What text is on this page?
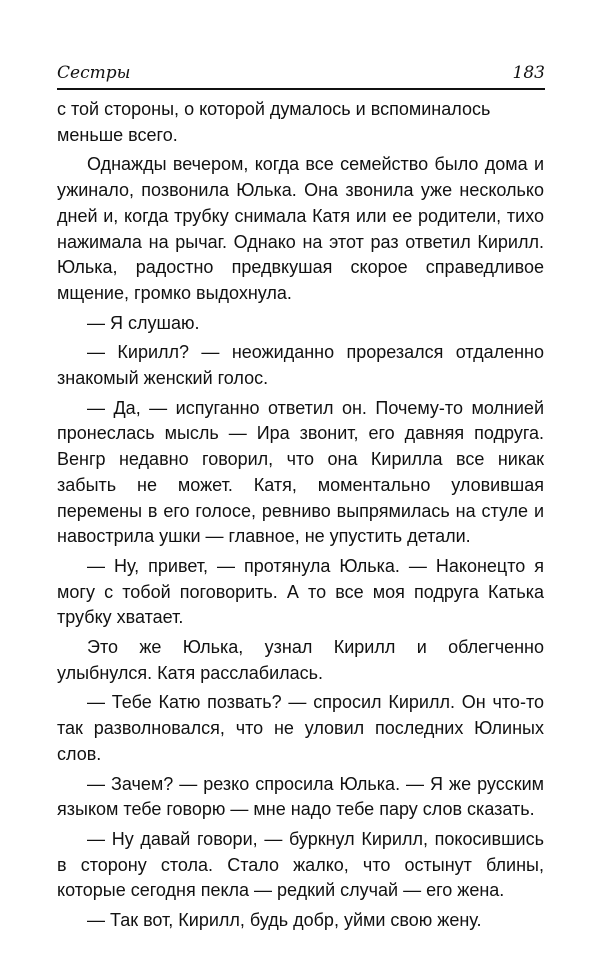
Сестры	183

с той стороны, о которой думалось и вспоминалось
меньше всего.

Однажды вечером, когда все семейство было дома и ужинало, позвонила Юлька. Она звонила уже несколько дней и, когда трубку снимала Катя или ее родители, тихо нажимала на рычаг. Однако на этот раз ответил Кирилл. Юлька, радостно предвкушая скорое справедливое мщение, громко выдохнула.

— Я слушаю.

— Кирилл? — неожиданно прорезался отдаленно знакомый женский голос.

— Да, — испуганно ответил он. Почему-то молнией пронеслась мысль — Ира звонит, его давняя подруга. Венгр недавно говорил, что она Кирилла все никак забыть не может. Катя, моментально уловившая перемены в его голосе, ревниво выпрямилась на стуле и навострила ушки — главное, не упустить детали.

— Ну, привет, — протянула Юлька. — Наконецто я могу с тобой поговорить. А то все моя подруга Катька трубку хватает.

Это же Юлька, узнал Кирилл и облегченно улыбнулся. Катя расслабилась.

— Тебе Катю позвать? — спросил Кирилл. Он что-то так разволновался, что не уловил последних Юлиных слов.

— Зачем? — резко спросила Юлька. — Я же русским языком тебе говорю — мне надо тебе пару слов сказать.

— Ну давай говори, — буркнул Кирилл, покосившись в сторону стола. Стало жалко, что остынут блины, которые сегодня пекла — редкий случай — его жена.

— Так вот, Кирилл, будь добр, уйми свою жену.
